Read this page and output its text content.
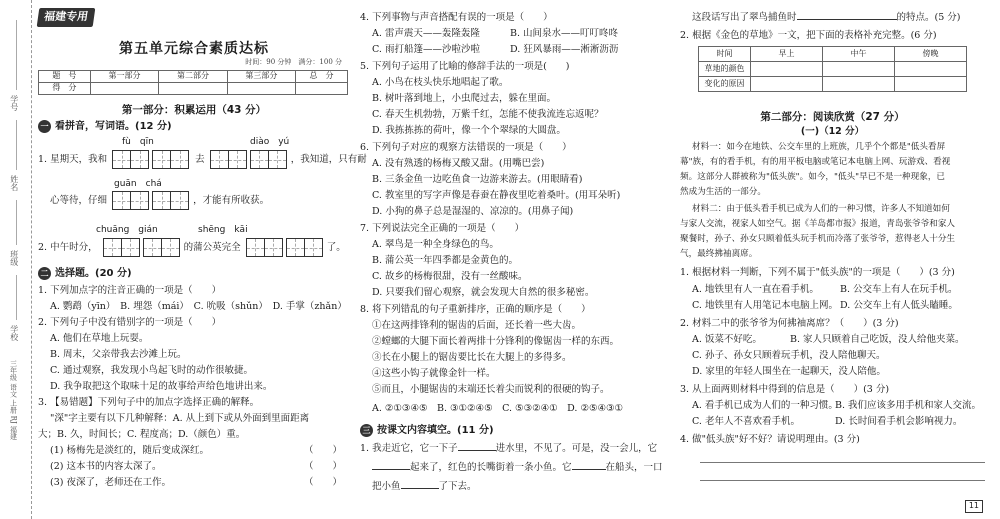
学号
姓名
班级
学校
三年级 语文 上册 RJ 福建
福建专用
第五单元综合素质达标
时间：90 分钟　满分：100 分
题　号	第一部分	第二部分	第三部分	总　分
得　分				
第一部分：积累运用（43 分）
一 看拼音，写词语。(12 分)
fù　qīn	diào　yú
1. 星期天，我和	去	，我知道，只有耐
guān　chá
心等待，仔细	，才能有所收获。
chuāng　gián	shēng　kāi
2. 中午时分，	的蒲公英完全	了。
二 选择题。(20 分)
1. 下列加点字的注音正确的一项是（　　）
A. 鹦鹉（yīn）　B. 埋怨（mái）　C. 吮吸（shǔn）　D. 手掌（zhǎn）
2. 下列句子中没有错别字的一项是（　　）
A. 他们在草地上玩耍。
B. 周末，父亲带我去沙滩上玩。
C. 通过观察，我发现小鸟起飞时的动作很敏捷。
D. 我争取把这个取味十足的故事给声给色地讲出来。
3. 【易错题】下列句子中的加点字选择正确的解释。
"深"字主要有以下几种解释：A. 从上到下或从外面到里面距离
大；B. 久，时间长；C. 程度高；D.（颜色）重。
(1) 杨梅先是淡红的，随后变成深红。	（　　）
(2) 这本书的内容太深了。	（　　）
(3) 夜深了，老师还在工作。	（　　）
4. 下列事物与声音搭配有误的一项是（　　）
A. 雷声震天——轰隆轰隆	B. 山间泉水——叮叮咚咚
C. 雨打船篷——沙啦沙啦	D. 狂风暴雨——淅淅沥沥
5. 下列句子运用了比喻的修辞手法的一项是(　　)
A. 小鸟在枝头快乐地唱起了歌。
B. 树叶落到地上，小虫爬过去，躲在里面。
C. 春天生机勃勃，万紫千红，怎能不使我流连忘返呢？
D. 我拣拣拣的荷叶，像一个个翠绿的大圆盘。
6. 下列句子对应的观察方法错误的一项是（　　）
A. 没有熟透的杨梅又酸又甜。(用嘴巴尝)
B. 三条金鱼一边吃鱼食一边游来游去。(用眼睛看)
C. 教室里的写字声像是春蚕在静夜里吃着桑叶。(用耳朵听)
D. 小狗的鼻子总是湿湿的、凉凉的。(用鼻子闻)
7. 下列说法完全正确的一项是（　　）
A. 翠鸟是一种全身绿色的鸟。
B. 蒲公英一年四季都是金黄色的。
C. 故乡的杨梅很甜，没有一丝酸味。
D. 只要我们留心观察，就会发现大自然的很多秘密。
8. 将下列错乱的句子重新排序，正确的顺序是（　　）
①在这两排锋利的锯齿的后面，还长着一些大齿。
②螳螂的大腿下面长着两排十分锋利的像锯齿一样的东西。
③长在小腿上的锯齿要比长在大腿上的多得多。
④这些小钩子就像金针一样。
⑤而且，小腿锯齿的末端还长着尖而锐利的很硬的钩子。
A. ②①③④⑤　B. ③①②④⑤　C. ⑤③②④①　D. ②⑤④③①
三 按课文内容填空。(11 分)
1. 我走近它，它一下子	进水里，不见了。可是，没一会儿，它
起来了，红色的长嘴街着一条小鱼。它	在船头，一口
把小鱼	了下去。
这段话写出了翠鸟捕鱼时	的特点。(5 分)
2. 根据《金色的草地》一文，把下面的表格补充完整。(6 分)
时间	早上	中午	傍晚
草地的颜色			
变化的原因			
第二部分：阅读欣赏（27 分）
(一)（12 分）
材料一：如今在地铁、公交车里的上班族，几乎个个都是"低头看屏
幕"族，有的看手机，有的用平板电脑或笔记本电脑上网、玩游戏、看视
频。这部分人群被称为"低头族"。如今，"低头"早已不是一种现象，已
然成为生活的一部分。
材料二：由于低头看手机已成为人们的一种习惯，许多人不知道如何
与家人交流，视家人如空气。据《羊岛都市报》报道，青岛张爷爷和家人
聚餐时，孙子、孙女只顾着低头玩手机而冷落了张爷爷，惹得老人十分生
气，最终拂袖离席。
1. 根据材料一判断，下列不属于"低头族"的一项是（　　）(3 分)
A. 地铁里有人一直在看手机。 B. 公交车上有人在玩手机。
C. 地铁里有人用笔记本电脑上网。 D. 公交车上有人低头瞌睡。
2. 材料二中的张爷爷为何拂袖离席？（　　）(3 分)
A. 饭菜不好吃。	B. 家人只顾着自己吃饭，没人给他夹菜。
C. 孙子、孙女只顾着玩手机，没人陪他聊天。
D. 家里的年轻人围坐在一起聊天，没人陪他。
3. 从上面两则材料中得到的信息是（　　）(3 分)
A. 看手机已成为人们的一种习惯。
B. 我们应该多用手机和家人交流。
C. 老年人不喜欢看手机。	D. 长时间看手机会影响视力。
4. 做"低头族"好不好？请说明理由。(3 分)
11
